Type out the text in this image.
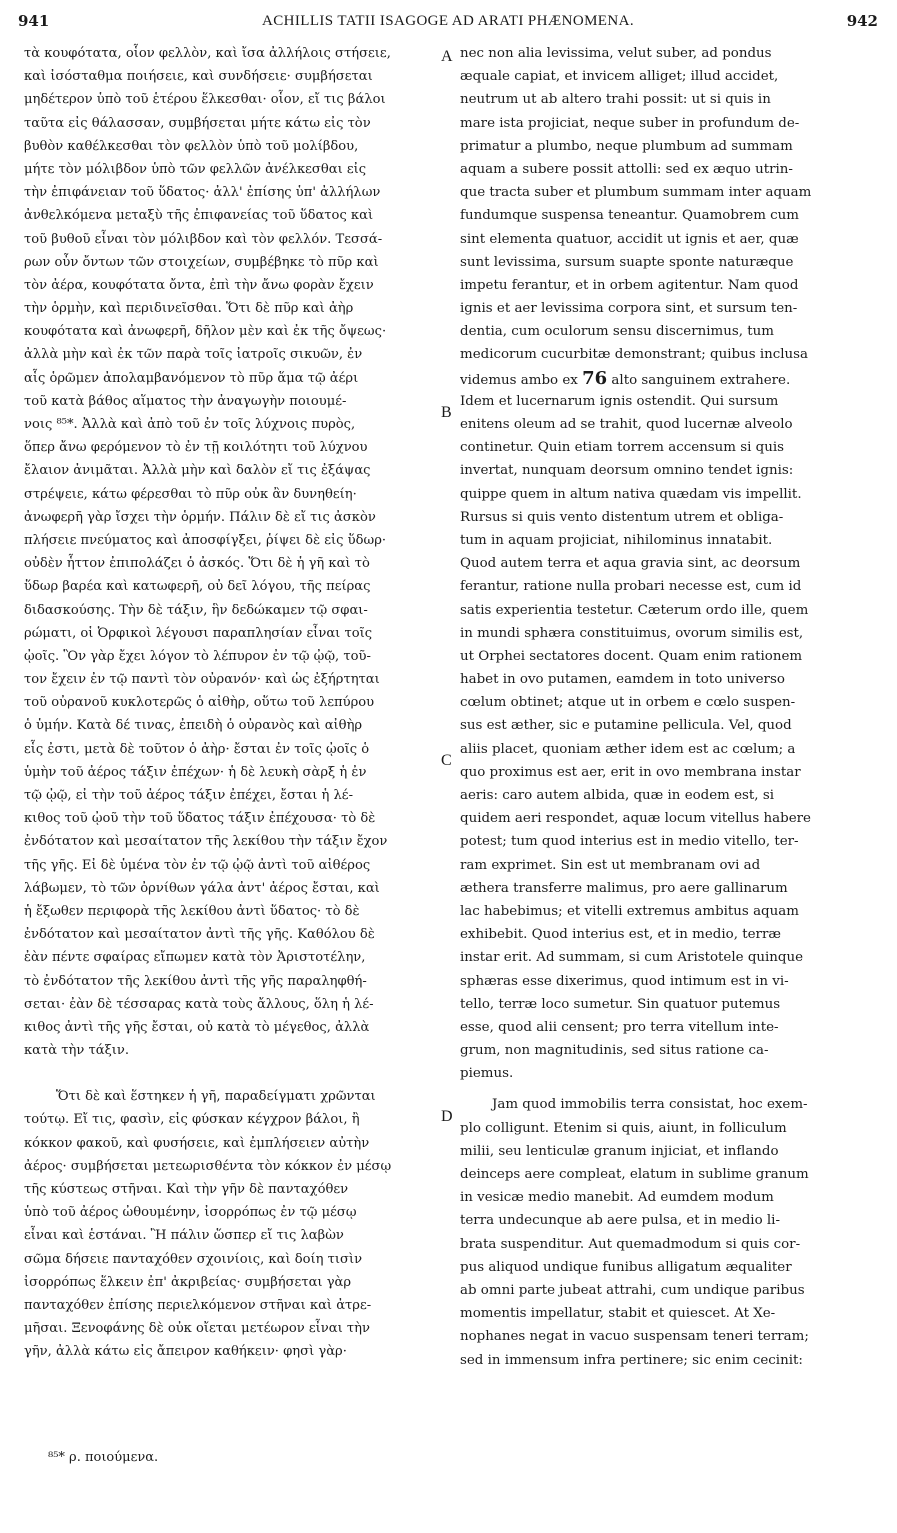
941	ACHILLIS TATII ISAGOGE AD ARATI PHÆNOMENA.	942
A
B
C
D
τὰ κουφότατα, οἷον φελλὸν, καὶ ἴσα ἀλλήλοις στήσειε,
καὶ ἰσόσταθμα ποιήσειε, καὶ συνδήσειε· συμβήσεται
μηδέτερον ὑπὸ τοῦ ἑτέρου ἕλκεσθαι· οἷον, εἴ τις βάλοι
ταῦτα εἰς θάλασσαν, συμβήσεται μήτε κάτω εἰς τὸν
βυθὸν καθέλκεσθαι τὸν φελλὸν ὑπὸ τοῦ μολίβδου,
μήτε τὸν μόλιβδον ὑπὸ τῶν φελλῶν ἀνέλκεσθαι εἰς
τὴν ἐπιφάνειαν τοῦ ὕδατος· ἀλλ' ἐπίσης ὑπ' ἀλλήλων
ἀνθελκόμενα μεταξὺ τῆς ἐπιφανείας τοῦ ὕδατος καὶ
τοῦ βυθοῦ εἶναι τὸν μόλιβδον καὶ τὸν φελλόν. Τεσσά-
ρων οὖν ὄντων τῶν στοιχείων, συμβέβηκε τὸ πῦρ καὶ
τὸν ἀέρα, κουφότατα ὄντα, ἐπὶ τὴν ἄνω φορὰν ἔχειν
τὴν ὁρμὴν, καὶ περιδινεῖσθαι. Ὅτι δὲ πῦρ καὶ ἀὴρ
κουφότατα καὶ ἀνωφερῆ, δῆλον μὲν καὶ ἐκ τῆς ὄψεως·
ἀλλὰ μὴν καὶ ἐκ τῶν παρὰ τοῖς ἰατροῖς σικυῶν, ἐν
αἷς ὁρῶμεν ἀπολαμβανόμενον τὸ πῦρ ἅμα τῷ ἀέρι
τοῦ κατὰ βάθος αἵματος τὴν ἀναγωγὴν ποιουμέ-
νοις ⁸⁵*. Ἀλλὰ καὶ ἀπὸ τοῦ ἐν τοῖς λύχνοις πυρὸς,
ὅπερ ἄνω φερόμενον τὸ ἐν τῇ κοιλότητι τοῦ λύχνου
ἔλαιον ἀνιμᾶται. Ἀλλὰ μὴν καὶ δαλὸν εἴ τις ἐξάψας
στρέψειε, κάτω φέρεσθαι τὸ πῦρ οὐκ ἂν δυνηθείη·
ἀνωφερῆ γὰρ ἴσχει τὴν ὁρμήν. Πάλιν δὲ εἴ τις ἀσκὸν
πλήσειε πνεύματος καὶ ἀποσφίγξει, ῥίψει δὲ εἰς ὕδωρ·
οὐδὲν ἧττον ἐπιπολάζει ὁ ἀσκός. Ὅτι δὲ ἡ γῆ καὶ τὸ
ὕδωρ βαρέα καὶ κατωφερῆ, οὐ δεῖ λόγου, τῆς πείρας
διδασκούσης. Τὴν δὲ τάξιν, ἣν δεδώκαμεν τῷ σφαι-
ρώματι, οἱ Ὀρφικοὶ λέγουσι παραπλησίαν εἶναι τοῖς
ᾠοῖς. Ὃν γὰρ ἔχει λόγον τὸ λέπυρον ἐν τῷ ᾠῷ, τοῦ-
τον ἔχειν ἐν τῷ παντὶ τὸν οὐρανόν· καὶ ὡς ἐξήρτηται
τοῦ οὐρανοῦ κυκλοτερῶς ὁ αἰθὴρ, οὕτω τοῦ λεπύρου
ὁ ὑμήν. Κατὰ δέ τινας, ἐπειδὴ ὁ οὐρανὸς καὶ αἰθὴρ
εἷς ἐστι, μετὰ δὲ τοῦτον ὁ ἀὴρ· ἔσται ἐν τοῖς ᾠοῖς ὁ
ὑμὴν τοῦ ἀέρος τάξιν ἐπέχων· ἡ δὲ λευκὴ σὰρξ ἡ ἐν
τῷ ᾠῷ, εἰ τὴν τοῦ ἀέρος τάξιν ἐπέχει, ἔσται ἡ λέ-
κιθος τοῦ ᾠοῦ τὴν τοῦ ὕδατος τάξιν ἐπέχουσα· τὸ δὲ
ἐνδότατον καὶ μεσαίτατον τῆς λεκίθου τὴν τάξιν ἔχον
τῆς γῆς. Εἰ δὲ ὑμένα τὸν ἐν τῷ ᾠῷ ἀντὶ τοῦ αἰθέρος
λάβωμεν, τὸ τῶν ὀρνίθων γάλα ἀντ' ἀέρος ἔσται, καὶ
ἡ ἔξωθεν περιφορὰ τῆς λεκίθου ἀντὶ ὕδατος· τὸ δὲ
ἐνδότατον καὶ μεσαίτατον ἀντὶ τῆς γῆς. Καθόλου δὲ
ἐὰν πέντε σφαίρας εἴπωμεν κατὰ τὸν Ἀριστοτέλην,
τὸ ἐνδότατον τῆς λεκίθου ἀντὶ τῆς γῆς παραληφθή-
σεται· ἐὰν δὲ τέσσαρας κατὰ τοὺς ἄλλους, ὅλη ἡ λέ-
κιθος ἀντὶ τῆς γῆς ἔσται, οὐ κατὰ τὸ μέγεθος, ἀλλὰ
κατὰ τὴν τάξιν.
Ὅτι δὲ καὶ ἕστηκεν ἡ γῆ, παραδείγματι χρῶνται
τούτῳ. Εἴ τις, φασὶν, εἰς φύσκαν κέγχρον βάλοι, ἢ
κόκκον φακοῦ, καὶ φυσήσειε, καὶ ἐμπλήσειεν αὐτὴν
ἀέρος· συμβήσεται μετεωρισθέντα τὸν κόκκον ἐν μέσῳ
τῆς κύστεως στῆναι. Καὶ τὴν γῆν δὲ πανταχόθεν
ὑπὸ τοῦ ἀέρος ὠθουμένην, ἰσορρόπως ἐν τῷ μέσῳ
εἶναι καὶ ἑστάναι. Ἢ πάλιν ὥσπερ εἴ τις λαβὼν
σῶμα δήσειε πανταχόθεν σχοινίοις, καὶ δοίη τισὶν
ἰσορρόπως ἕλκειν ἐπ' ἀκριβείας· συμβήσεται γὰρ
πανταχόθεν ἐπίσης περιελκόμενον στῆναι καὶ ἀτρε-
μῆσαι. Ξενοφάνης δὲ οὐκ οἴεται μετέωρον εἶναι τὴν
γῆν, ἀλλὰ κάτω εἰς ἄπειρον καθήκειν· φησὶ γὰρ·
nec non alia levissima, velut suber, ad pondus
æquale capiat, et invicem alliget; illud accidet,
neutrum ut ab altero trahi possit: ut si quis in
mare ista projiciat, neque suber in profundum de-
primatur a plumbo, neque plumbum ad summam
aquam a subere possit attolli: sed ex æquo utrin-
que tracta suber et plumbum summam inter aquam
fundumque suspensa teneantur. Quamobrem cum
sint elementa quatuor, accidit ut ignis et aer, quæ
sunt levissima, sursum suapte sponte naturæque
impetu ferantur, et in orbem agitentur. Nam quod
ignis et aer levissima corpora sint, et sursum ten-
dentia, cum oculorum sensu discernimus, tum
medicorum cucurbitæ demonstrant; quibus inclusa
videmus ambo ex 76 alto sanguinem extrahere.
Idem et lucernarum ignis ostendit. Qui sursum
enitens oleum ad se trahit, quod lucernæ alveolo
continetur. Quin etiam torrem accensum si quis
invertat, nunquam deorsum omnino tendet ignis:
quippe quem in altum nativa quædam vis impellit.
Rursus si quis vento distentum utrem et obliga-
tum in aquam projiciat, nihilominus innatabit.
Quod autem terra et aqua gravia sint, ac deorsum
ferantur, ratione nulla probari necesse est, cum id
satis experientia testetur. Cæterum ordo ille, quem
in mundi sphæra constituimus, ovorum similis est,
ut Orphei sectatores docent. Quam enim rationem
habet in ovo putamen, eamdem in toto universo
cœlum obtinet; atque ut in orbem e cœlo suspen-
sus est æther, sic e putamine pellicula. Vel, quod
aliis placet, quoniam æther idem est ac cœlum; a
quo proximus est aer, erit in ovo membrana instar
aeris: caro autem albida, quæ in eodem est, si
quidem aeri respondet, aquæ locum vitellus habere
potest; tum quod interius est in medio vitello, ter-
ram exprimet. Sin est ut membranam ovi ad
æthera transferre malimus, pro aere gallinarum
lac habebimus; et vitelli extremus ambitus aquam
exhibebit. Quod interius est, et in medio, terræ
instar erit. Ad summam, si cum Aristotele quinque
sphæras esse dixerimus, quod intimum est in vi-
tello, terræ loco sumetur. Sin quatuor putemus
esse, quod alii censent; pro terra vitellum inte-
grum, non magnitudinis, sed situs ratione ca-
piemus.
Jam quod immobilis terra consistat, hoc exem-
plo colligunt. Etenim si quis, aiunt, in folliculum
milii, seu lenticulæ granum injiciat, et inflando
deinceps aere compleat, elatum in sublime granum
in vesicæ medio manebit. Ad eumdem modum
terra undecunque ab aere pulsa, et in medio li-
brata suspenditur. Aut quemadmodum si quis cor-
pus aliquod undique funibus alligatum æqualiter
ab omni parte jubeat attrahi, cum undique paribus
momentis impellatur, stabit et quiescet. At Xe-
nophanes negat in vacuo suspensam teneri terram;
sed in immensum infra pertinere; sic enim cecinit:
⁸⁵* ρ. ποιούμενα.
